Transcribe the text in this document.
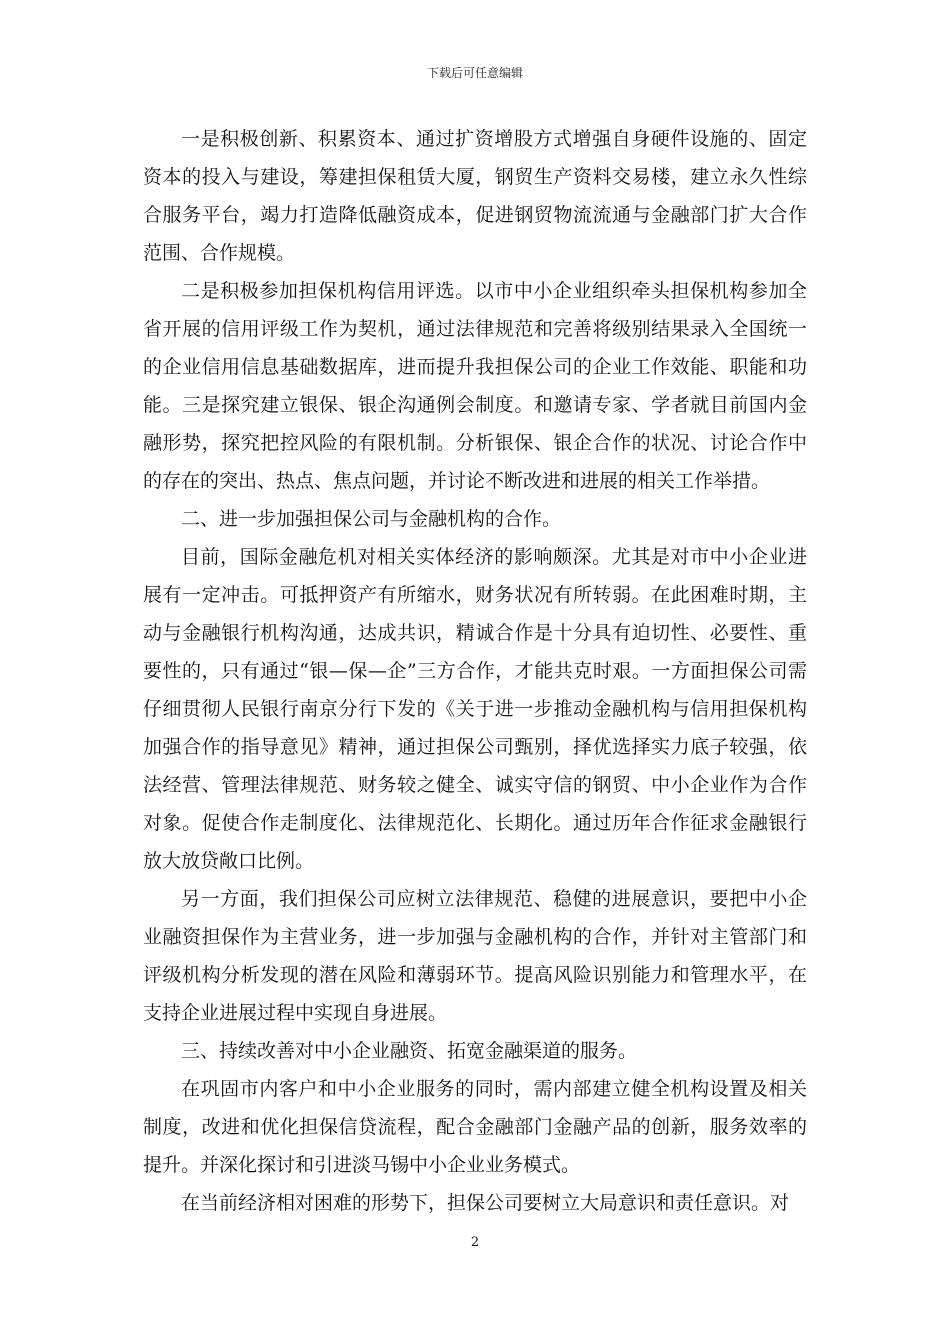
下载后可任意编辑

一是积极创新、积累资本、通过扩资增股方式增强自身硬件设施的、固定资本的投入与建设，筹建担保租赁大厦，钢贸生产资料交易楼，建立永久性综合服务平台，竭力打造降低融资成本，促进钢贸物流流通与金融部门扩大合作范围、合作规模。

二是积极参加担保机构信用评选。以市中小企业组织牵头担保机构参加全省开展的信用评级工作为契机，通过法律规范和完善将级别结果录入全国统一的企业信用信息基础数据库，进而提升我担保公司的企业工作效能、职能和功能。三是探究建立银保、银企沟通例会制度。和邀请专家、学者就目前国内金融形势，探究把控风险的有限机制。分析银保、银企合作的状况、讨论合作中的存在的突出、热点、焦点问题，并讨论不断改进和进展的相关工作举措。

二、进一步加强担保公司与金融机构的合作。

目前，国际金融危机对相关实体经济的影响颇深。尤其是对市中小企业进展有一定冲击。可抵押资产有所缩水，财务状况有所转弱。在此困难时期，主动与金融银行机构沟通，达成共识，精诚合作是十分具有迫切性、必要性、重要性的，只有通过“银—保—企”三方合作，才能共克时艰。一方面担保公司需仔细贯彻人民银行南京分行下发的《关于进一步推动金融机构与信用担保机构加强合作的指导意见》精神，通过担保公司甄别，择优选择实力底子较强，依法经营、管理法律规范、财务较之健全、诚实守信的钢贸、中小企业作为合作对象。促使合作走制度化、法律规范化、长期化。通过历年合作征求金融银行放大放贷敞口比例。

另一方面，我们担保公司应树立法律规范、稳健的进展意识，要把中小企业融资担保作为主营业务，进一步加强与金融机构的合作，并针对主管部门和评级机构分析发现的潜在风险和薄弱环节。提高风险识别能力和管理水平，在支持企业进展过程中实现自身进展。

三、持续改善对中小企业融资、拓宽金融渠道的服务。

在巩固市内客户和中小企业服务的同时，需内部建立健全机构设置及相关制度，改进和优化担保信贷流程，配合金融部门金融产品的创新，服务效率的提升。并深化探讨和引进淡马锡中小企业业务模式。

在当前经济相对困难的形势下，担保公司要树立大局意识和责任意识。对

2
